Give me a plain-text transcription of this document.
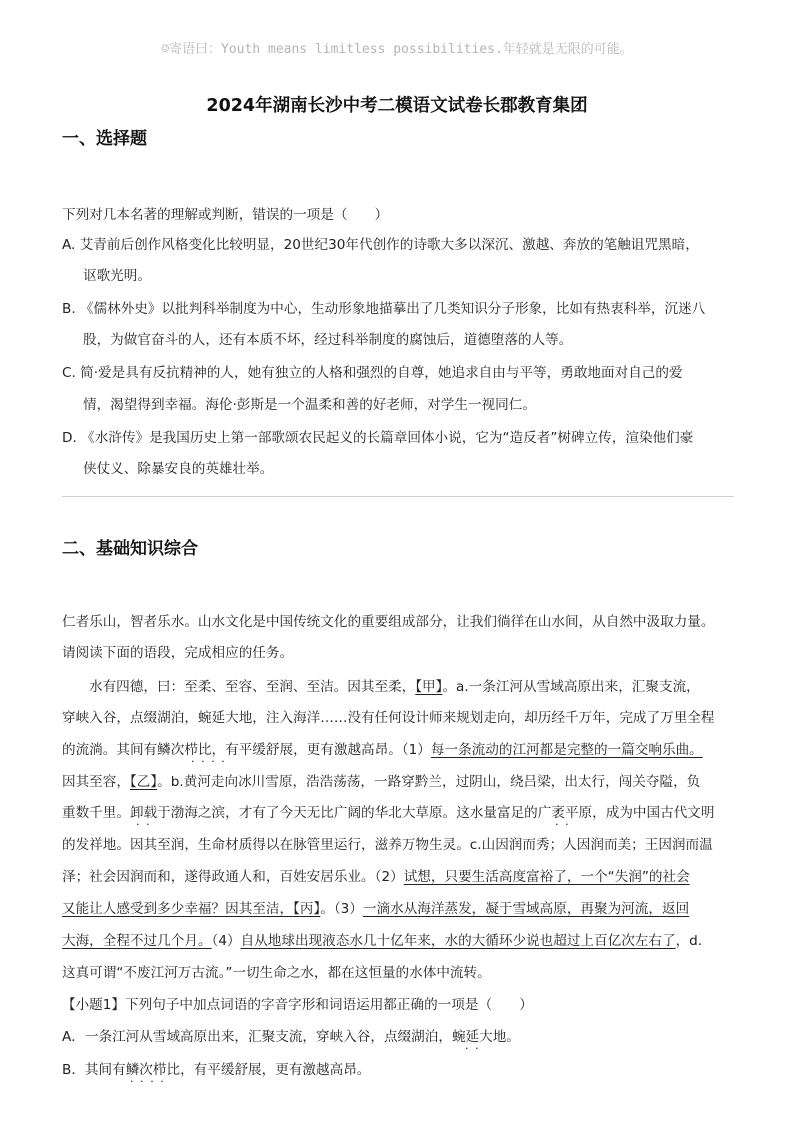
☺寄语曰：Youth means limitless possibilities.年轻就是无限的可能。
2024年湖南长沙中考二模语文试卷长郡教育集团
一、选择题
下列对几本名著的理解或判断，错误的一项是（　　）
A. 艾青前后创作风格变化比较明显，20世纪30年代创作的诗歌大多以深沉、激越、奔放的笔触诅咒黑暗，
讴歌光明。
B. 《儒林外史》以批判科举制度为中心，生动形象地描摹出了几类知识分子形象，比如有热衷科举，沉迷八
股，为做官奋斗的人，还有本质不坏，经过科举制度的腐蚀后，道德堕落的人等。
C. 简·爱是具有反抗精神的人，她有独立的人格和强烈的自尊，她追求自由与平等，勇敢地面对自己的爱
情，渴望得到幸福。海伦·彭斯是一个温柔和善的好老师，对学生一视同仁。
D. 《水浒传》是我国历史上第一部歌颂农民起义的长篇章回体小说，它为“造反者”树碑立传，渲染他们豪
侠仗义、除暴安良的英雄壮举。
二、基础知识综合
仁者乐山，智者乐水。山水文化是中国传统文化的重要组成部分，让我们徜徉在山水间，从自然中汲取力量。
请阅读下面的语段，完成相应的任务。
水有四德，曰：至柔、至容、至润、至洁。因其至柔，【甲】。a.一条江河从雪域高原出来，汇聚支流，
穿峡入谷，点缀湖泊，蜿延大地，注入海洋……没有任何设计师来规划走向，却历经千万年，完成了万里全程
的流淌。其间有鳞次栉比，有平缓舒展，更有激越高昂。（1）每一条流动的江河都是完整的一篇交响乐曲。
····
因其至容，【乙】。b.黄河走向冰川雪原，浩浩荡荡，一路穿黔兰，过阴山，绕吕梁，出太行，闯关夺隘，负
重数千里。卸载于渤海之滨，才有了今天无比广阔的华北大草原。这水量富足的广袤平原，成为中国古代文明
的发祥地。因其至润，生命材质得以在脉管里运行，滋养万物生灵。c.山因润而秀；人因润而美；王因润而温
··
··
泽；社会因润而和，遂得政通人和，百姓安居乐业。（2）试想，只要生活高度富裕了，一个“失润”的社会
又能让人感受到多少幸福？因其至洁，【丙】。（3）一滴水从海洋蒸发，凝于雪域高原，再聚为河流，返回
大海，全程不过几个月。（4）自从地球出现液态水几十亿年来，水的大循环少说也超过上百亿次左右了，d.
这真可谓“不废江河万古流。”一切生命之水，都在这恒量的水体中流转。
【小题1】下列句子中加点词语的字音字形和词语运用都正确的一项是（　　）
A．一条江河从雪域高原出来，汇聚支流，穿峡入谷，点缀湖泊，蜿延大地。
··
B．其间有鳞次栉比，有平缓舒展，更有激越高昂。
····
